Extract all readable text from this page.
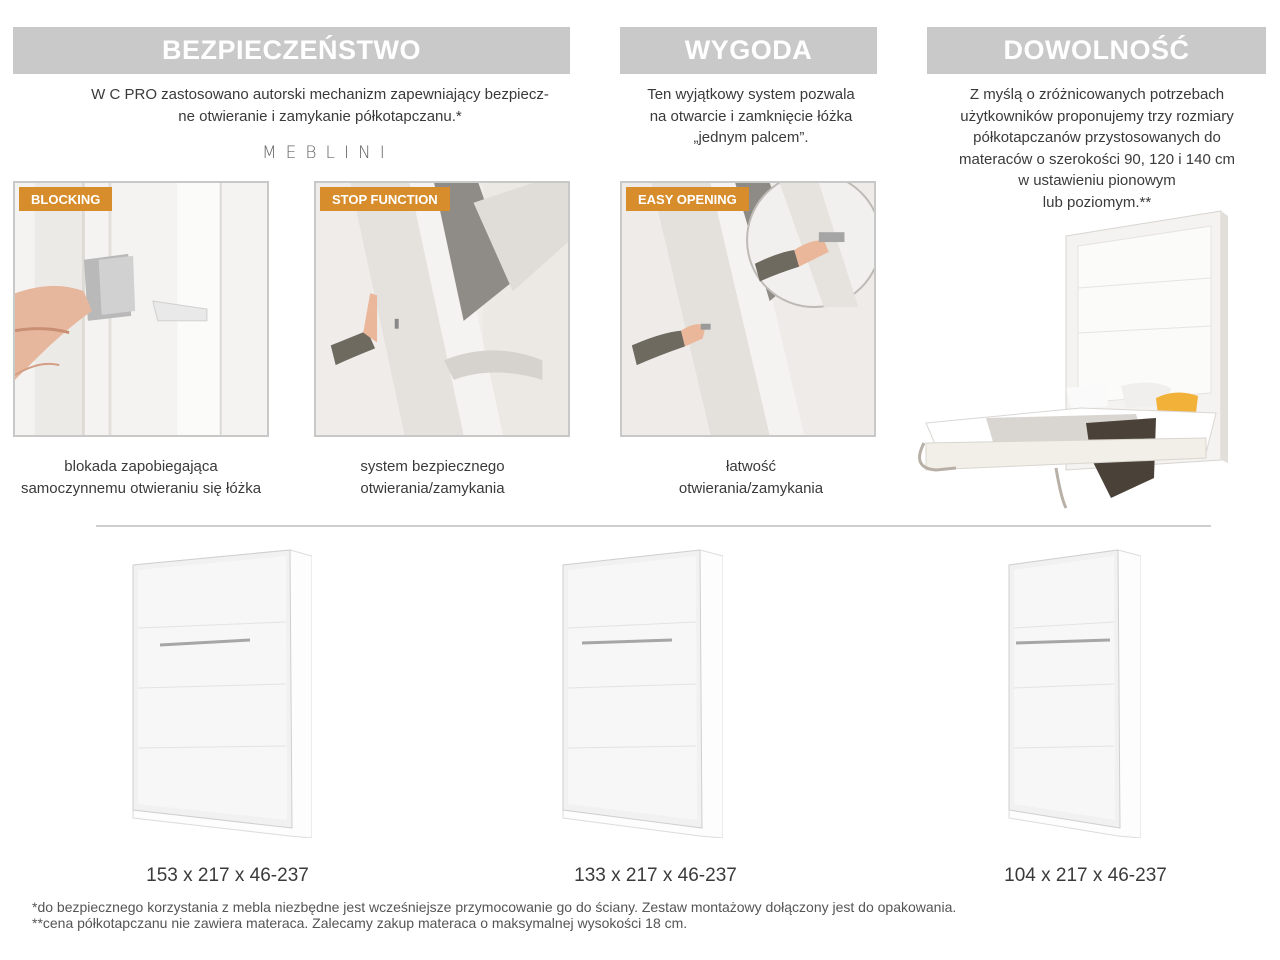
BEZPIECZEŃSTWO	WYGODA	DOWOLNOŚĆ
W C PRO zastosowano autorski mechanizm zapewniający bezpiecz-
ne otwieranie i zamykanie półkotapczanu.*
Ten wyjątkowy system pozwala
na otwarcie i zamknięcie łóżka
„jednym palcem”.
Z myślą o zróżnicowanych potrzebach
użytkowników proponujemy trzy rozmiary
półkotapczanów przystosowanych do
materaców o szerokości 90, 120 i 140 cm
w ustawieniu pionowym
lub poziomym.**
MEBLINI
BLOCKING	STOP FUNCTION	EASY OPENING
blokada zapobiegająca
samoczynnemu otwieraniu się łóżka
system bezpiecznego
otwierania/zamykania
łatwość
otwierania/zamykania
153 x 217 x 46-237	133 x 217 x 46-237	104 x 217 x 46-237
*do bezpiecznego korzystania z mebla niezbędne jest wcześniejsze przymocowanie go do ściany. Zestaw montażowy dołączony jest do opakowania.
**cena półkotapczanu nie zawiera materaca. Zalecamy zakup materaca o maksymalnej wysokości 18 cm.
